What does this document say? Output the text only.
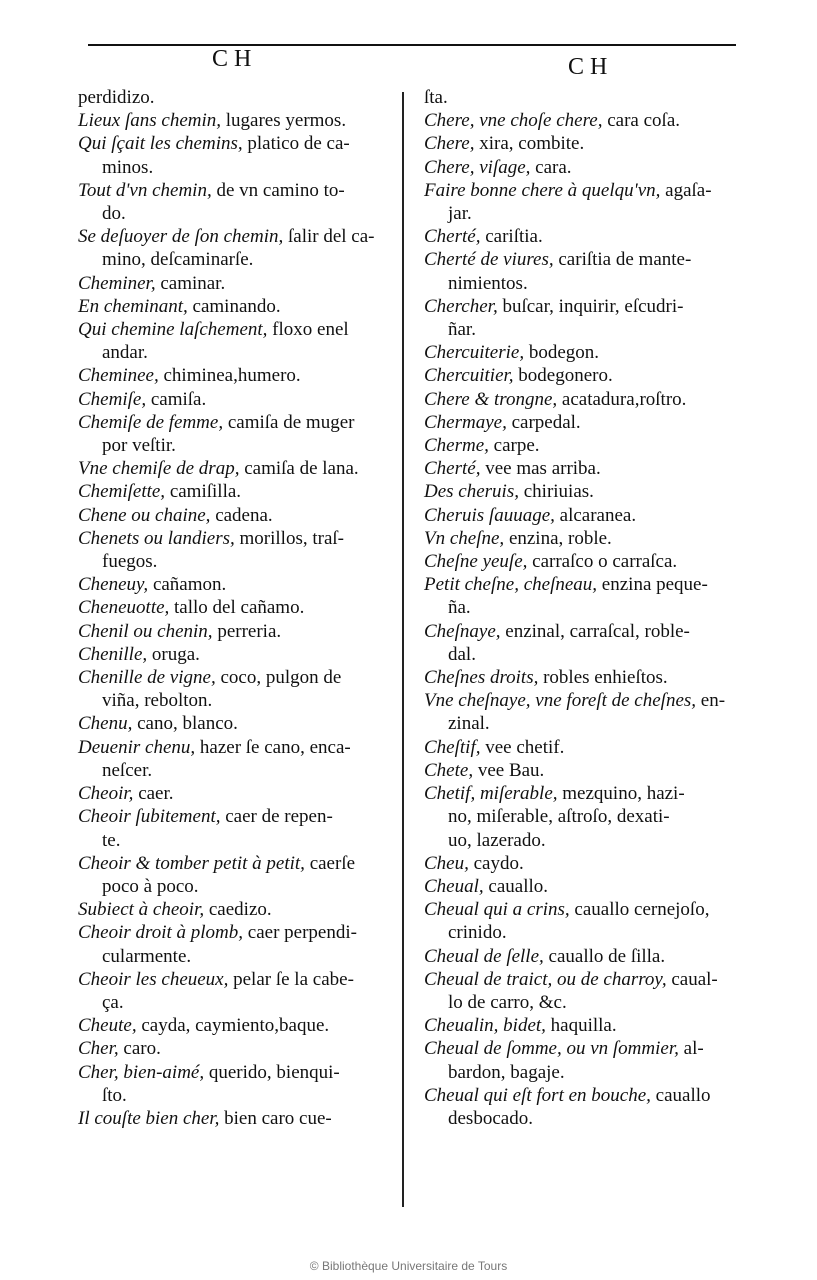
CH	CH
perdidizo.
Lieux ſans chemin, lugares yermos.
Qui ſçait les chemins, platico de ca-
minos.
Tout d'vn chemin, de vn camino to-
do.
Se deſuoyer de ſon chemin, ſalir del ca-
mino, deſcaminarſe.
Cheminer, caminar.
En cheminant, caminando.
Qui chemine laſchement, floxo enel
andar.
Cheminee, chiminea,humero.
Chemiſe, camiſa.
Chemiſe de femme, camiſa de muger
por veſtir.
Vne chemiſe de drap, camiſa de lana.
Chemiſette, camiſilla.
Chene ou chaine, cadena.
Chenets ou landiers, morillos, traſ-
fuegos.
Cheneuy, cañamon.
Cheneuotte, tallo del cañamo.
Chenil ou chenin, perreria.
Chenille, oruga.
Chenille de vigne, coco, pulgon de
viña, rebolton.
Chenu, cano, blanco.
Deuenir chenu, hazer ſe cano, enca-
neſcer.
Cheoir, caer.
Cheoir ſubitement, caer de repen-
te.
Cheoir & tomber petit à petit, caerſe
poco à poco.
Subiect à cheoir, caedizo.
Cheoir droit à plomb, caer perpendi-
cularmente.
Cheoir les cheueux, pelar ſe la cabe-
ça.
Cheute, cayda, caymiento,baque.
Cher, caro.
Cher, bien-aimé, querido, bienqui-
ſto.
Il couſte bien cher, bien caro cue-
ſta.
Chere, vne choſe chere, cara coſa.
Chere, xira, combite.
Chere, viſage, cara.
Faire bonne chere à quelqu'vn, agaſa-
jar.
Cherté, cariſtia.
Cherté de viures, cariſtia de mante-
nimientos.
Chercher, buſcar, inquirir, eſcudri-
ñar.
Chercuiterie, bodegon.
Chercuitier, bodegonero.
Chere & trongne, acatadura,roſtro.
Chermaye, carpedal.
Cherme, carpe.
Cherté, vee mas arriba.
Des cheruis, chiriuias.
Cheruis ſauuage, alcaranea.
Vn cheſne, enzina, roble.
Cheſne yeuſe, carraſco o carraſca.
Petit cheſne, cheſneau, enzina peque-
ña.
Cheſnaye, enzinal, carraſcal, roble-
dal.
Cheſnes droits, robles enhieſtos.
Vne cheſnaye, vne foreſt de cheſnes, en-
zinal.
Cheſtif, vee chetif.
Chete, vee Bau.
Chetif, miſerable, mezquino, hazi-
no, miſerable, aſtroſo, dexati-
uo, lazerado.
Cheu, caydo.
Cheual, cauallo.
Cheual qui a crins, cauallo cernejoſo,
crinido.
Cheual de ſelle, cauallo de ſilla.
Cheual de traict, ou de charroy, caual-
lo de carro, &c.
Cheualin, bidet, haquilla.
Cheual de ſomme, ou vn ſommier, al-
bardon, bagaje.
Cheual qui eſt fort en bouche, cauallo
desbocado.
© Bibliothèque Universitaire de Tours
